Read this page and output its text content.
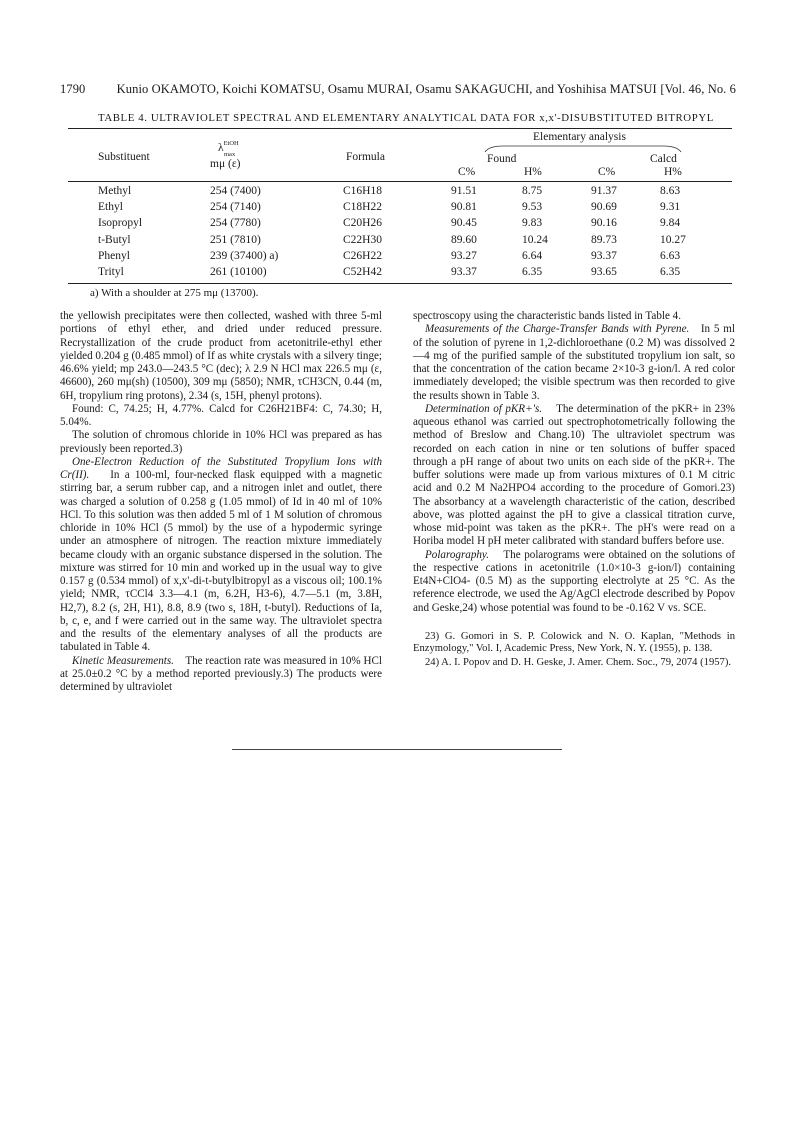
1790 Kunio OKAMOTO, Koichi KOMATSU, Osamu MURAI, Osamu SAKAGUCHI, and Yoshihisa MATSUI [Vol. 46, No. 6
TABLE 4. ULTRAVIOLET SPECTRAL AND ELEMENTARY ANALYTICAL DATA FOR x,x'-DISUBSTITUTED BITROPYL
Substituent
$\lambda^{EtOH}$
max
mμ (ε)
Formula
Elementary analysis
Found	Calcd
C%	H%	C%	H%
Methyl	254 (7400)	C16H18	91.51	8.75	91.37	8.63
Ethyl	254 (7140)	C18H22	90.81	9.53	90.69	9.31
Isopropyl	254 (7780)	C20H26	90.45	9.83	90.16	9.84
t-Butyl	251 (7810)	C22H30	89.60	10.24	89.73	10.27
Phenyl	239 (37400) a)	C26H22	93.27	6.64	93.37	6.63
Trityl	261 (10100)	C52H42	93.37	6.35	93.65	6.35
a) With a shoulder at 275 mμ (13700).

the yellowish precipitates were then collected, washed with three 5-ml portions of ethyl ether, and dried under reduced pressure. Recrystallization of the crude product from acetonitrile-ethyl ether yielded 0.204 g (0.485 mmol) of If as white crystals with a silvery tinge; 46.6% yield; mp 243.0—243.5 °C (dec); λ 2.9 N HCl max 226.5 mμ (ε, 46600), 260 mμ(sh) (10500), 309 mμ (5850); NMR, τCH3CN, 0.44 (m, 6H, tropylium ring protons), 2.34 (s, 15H, phenyl protons).

Found: C, 74.25; H, 4.77%. Calcd for C26H21BF4: C, 74.30; H, 5.04%.

The solution of chromous chloride in 10% HCl was prepared as has previously been reported.3)

One-Electron Reduction of the Substituted Tropylium Ions with Cr(II). In a 100-ml, four-necked flask equipped with a magnetic stirring bar, a serum rubber cap, and a nitrogen inlet and outlet, there was charged a solution of 0.258 g (1.05 mmol) of Id in 40 ml of 10% HCl. To this solution was then added 5 ml of 1 M solution of chromous chloride in 10% HCl (5 mmol) by the use of a hypodermic syringe under an atmosphere of nitrogen. The reaction mixture immediately became cloudy with an organic substance dispersed in the solution. The mixture was stirred for 10 min and worked up in the usual way to give 0.157 g (0.534 mmol) of x,x'-di-t-butylbitropyl as a viscous oil; 100.1% yield; NMR, τCCl4 3.3—4.1 (m, 6.2H, H3-6), 4.7—5.1 (m, 3.8H, H2,7), 8.2 (s, 2H, H1), 8.8, 8.9 (two s, 18H, t-butyl). Reductions of Ia, b, c, e, and f were carried out in the same way. The ultraviolet spectra and the results of the elementary analyses of all the products are tabulated in Table 4.

Kinetic Measurements. The reaction rate was measured in 10% HCl at 25.0±0.2 °C by a method reported previously.3) The products were determined by ultraviolet

spectroscopy using the characteristic bands listed in Table 4.

Measurements of the Charge-Transfer Bands with Pyrene. In 5 ml of the solution of pyrene in 1,2-dichloroethane (0.2 M) was dissolved 2—4 mg of the purified sample of the substituted tropylium ion salt, so that the concentration of the cation became 2×10-3 g-ion/l. A red color immediately developed; the visible spectrum was then recorded to give the results shown in Table 3.

Determination of pKR+'s. The determination of the pKR+ in 23% aqueous ethanol was carried out spectrophotometrically following the method of Breslow and Chang.10) The ultraviolet spectrum was recorded on each cation in nine or ten solutions of buffer spaced through a pH range of about two units on each side of the pKR+. The buffer solutions were made up from various mixtures of 0.1 M citric acid and 0.2 M Na2HPO4 according to the procedure of Gomori.23) The absorbancy at a wavelength characteristic of the cation, described above, was plotted against the pH to give a classical titration curve, whose mid-point was taken as the pKR+. The pH's were read on a Horiba model H pH meter calibrated with standard buffers before use.

Polarography. The polarograms were obtained on the solutions of the respective cations in acetonitrile (1.0×10-3 g-ion/l) containing Et4N+ClO4- (0.5 M) as the supporting electrolyte at 25 °C. As the reference electrode, we used the Ag/AgCl electrode described by Popov and Geske,24) whose potential was found to be -0.162 V vs. SCE.

23) G. Gomori in S. P. Colowick and N. O. Kaplan, "Methods in Enzymology," Vol. I, Academic Press, New York, N. Y. (1955), p. 138.

24) A. I. Popov and D. H. Geske, J. Amer. Chem. Soc., 79, 2074 (1957).
